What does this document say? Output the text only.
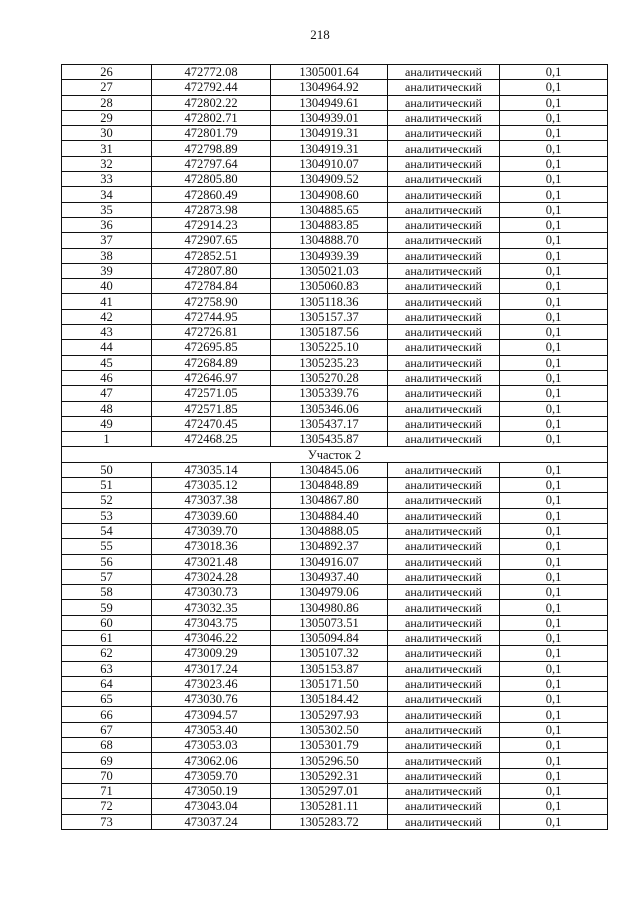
218
26	472772.08	1305001.64	аналитический	0,1
27	472792.44	1304964.92	аналитический	0,1
28	472802.22	1304949.61	аналитический	0,1
29	472802.71	1304939.01	аналитический	0,1
30	472801.79	1304919.31	аналитический	0,1
31	472798.89	1304919.31	аналитический	0,1
32	472797.64	1304910.07	аналитический	0,1
33	472805.80	1304909.52	аналитический	0,1
34	472860.49	1304908.60	аналитический	0,1
35	472873.98	1304885.65	аналитический	0,1
36	472914.23	1304883.85	аналитический	0,1
37	472907.65	1304888.70	аналитический	0,1
38	472852.51	1304939.39	аналитический	0,1
39	472807.80	1305021.03	аналитический	0,1
40	472784.84	1305060.83	аналитический	0,1
41	472758.90	1305118.36	аналитический	0,1
42	472744.95	1305157.37	аналитический	0,1
43	472726.81	1305187.56	аналитический	0,1
44	472695.85	1305225.10	аналитический	0,1
45	472684.89	1305235.23	аналитический	0,1
46	472646.97	1305270.28	аналитический	0,1
47	472571.05	1305339.76	аналитический	0,1
48	472571.85	1305346.06	аналитический	0,1
49	472470.45	1305437.17	аналитический	0,1
1	472468.25	1305435.87	аналитический	0,1
Участок 2				
50	473035.14	1304845.06	аналитический	0,1
51	473035.12	1304848.89	аналитический	0,1
52	473037.38	1304867.80	аналитический	0,1
53	473039.60	1304884.40	аналитический	0,1
54	473039.70	1304888.05	аналитический	0,1
55	473018.36	1304892.37	аналитический	0,1
56	473021.48	1304916.07	аналитический	0,1
57	473024.28	1304937.40	аналитический	0,1
58	473030.73	1304979.06	аналитический	0,1
59	473032.35	1304980.86	аналитический	0,1
60	473043.75	1305073.51	аналитический	0,1
61	473046.22	1305094.84	аналитический	0,1
62	473009.29	1305107.32	аналитический	0,1
63	473017.24	1305153.87	аналитический	0,1
64	473023.46	1305171.50	аналитический	0,1
65	473030.76	1305184.42	аналитический	0,1
66	473094.57	1305297.93	аналитический	0,1
67	473053.40	1305302.50	аналитический	0,1
68	473053.03	1305301.79	аналитический	0,1
69	473062.06	1305296.50	аналитический	0,1
70	473059.70	1305292.31	аналитический	0,1
71	473050.19	1305297.01	аналитический	0,1
72	473043.04	1305281.11	аналитический	0,1
73	473037.24	1305283.72	аналитический	0,1
